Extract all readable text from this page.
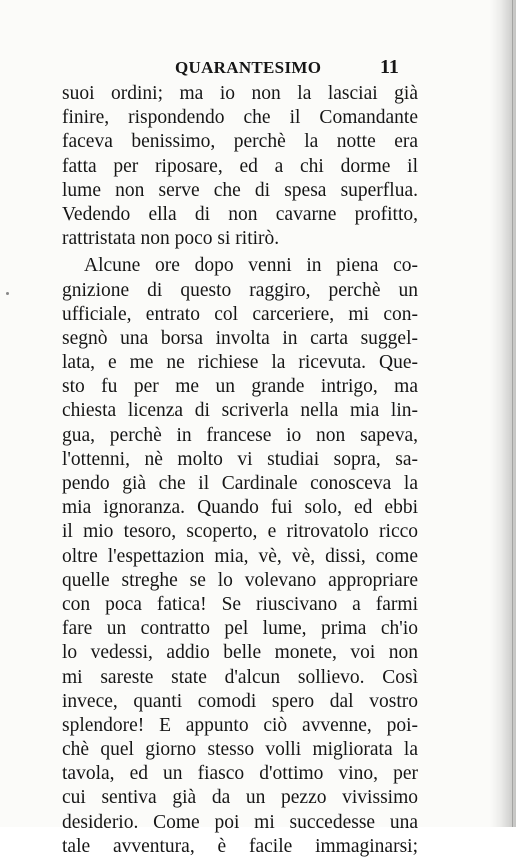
QUARANTESIMO	11
suoi ordini; ma io non la lasciai già
finire, rispondendo che il Comandante
faceva benissimo, perchè la notte era
fatta per riposare, ed a chi dorme il
lume non serve che di spesa superflua.
Vedendo ella di non cavarne profitto,
rattristata non poco si ritirò.
Alcune ore dopo venni in piena co-
gnizione di questo raggiro, perchè un
ufficiale, entrato col carceriere, mi con-
segnò una borsa involta in carta suggel-
lata, e me ne richiese la ricevuta. Que-
sto fu per me un grande intrigo, ma
chiesta licenza di scriverla nella mia lin-
gua, perchè in francese io non sapeva,
l'ottenni, nè molto vi studiai sopra, sa-
pendo già che il Cardinale conosceva la
mia ignoranza. Quando fui solo, ed ebbi
il mio tesoro, scoperto, e ritrovatolo ricco
oltre l'espettazion mia, vè, vè, dissi, come
quelle streghe se lo volevano appropriare
con poca fatica! Se riuscivano a farmi
fare un contratto pel lume, prima ch'io
lo vedessi, addio belle monete, voi non
mi sareste state d'alcun sollievo. Così
invece, quanti comodi spero dal vostro
splendore! E appunto ciò avvenne, poi-
chè quel giorno stesso volli migliorata la
tavola, ed un fiasco d'ottimo vino, per
cui sentiva già da un pezzo vivissimo
desiderio. Come poi mi succedesse una
tale avventura, è facile immaginarsi;
